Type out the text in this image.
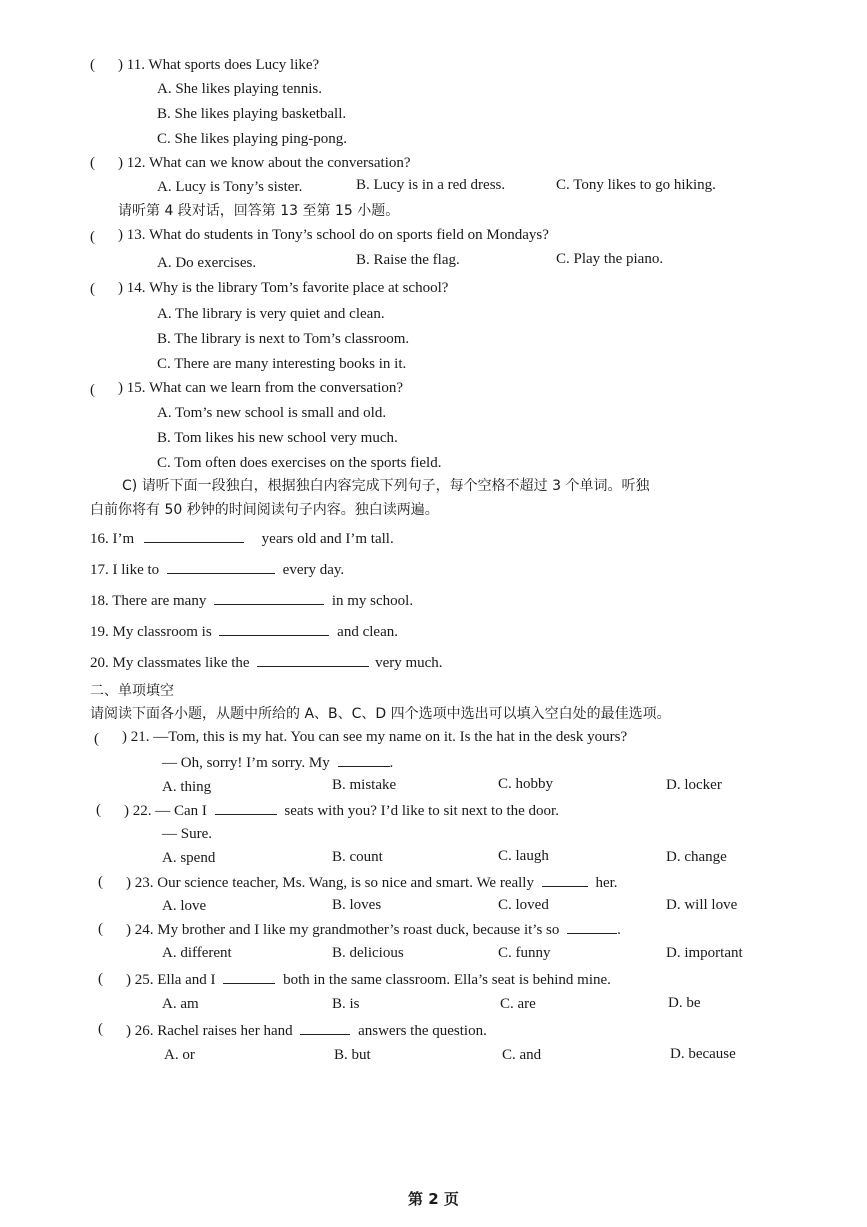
( ) 11. What sports does Lucy like?
A. She likes playing tennis.
B. She likes playing basketball.
C. She likes playing ping-pong.
( ) 12. What can we know about the conversation?
A. Lucy is Tony’s sister.	B. Lucy is in a red dress.	C. Tony likes to go hiking.
请听第 4 段对话，回答第 13 至第 15 小题。
( ) 13. What do students in Tony’s school do on sports field on Mondays?
A. Do exercises.	B. Raise the flag.	C. Play the piano.
( ) 14. Why is the library Tom’s favorite place at school?
A. The library is very quiet and clean.
B. The library is next to Tom’s classroom.
C. There are many interesting books in it.
( ) 15. What can we learn from the conversation?
A. Tom’s new school is small and old.
B. Tom likes his new school very much.
C. Tom often does exercises on the sports field.
C) 请听下面一段独白，根据独白内容完成下列句子，每个空格不超过 3 个单词。听独
白前你将有 50 秒钟的时间阅读句子内容。独白读两遍。
16. I’m	years old and I’m tall.
17. I like to	every day.
18. There are many	in my school.
19. My classroom is	and clean.
20. My classmates like the	very much.
二、单项填空
请阅读下面各小题，从题中所给的 A、B、C、D 四个选项中选出可以填入空白处的最佳选项。
( ) 21. —Tom, this is my hat. You can see my name on it. Is the hat in the desk yours?
— Oh, sorry! I’m sorry. My	.
A. thing	B. mistake	C. hobby	D. locker
( ) 22. — Can I	seats with you? I’d like to sit next to the door.
— Sure.
A. spend	B. count	C. laugh	D. change
( ) 23. Our science teacher, Ms. Wang, is so nice and smart. We really	her.
A. love	B. loves	C. loved	D. will love
( ) 24. My brother and I like my grandmother’s roast duck, because it’s so	.
A. different	B. delicious	C. funny	D. important
( ) 25. Ella and I	both in the same classroom. Ella’s seat is behind mine.
A. am	B. is	C. are	D. be
( ) 26. Rachel raises her hand	answers the question.
A. or	B. but	C. and	D. because
第 2 页
